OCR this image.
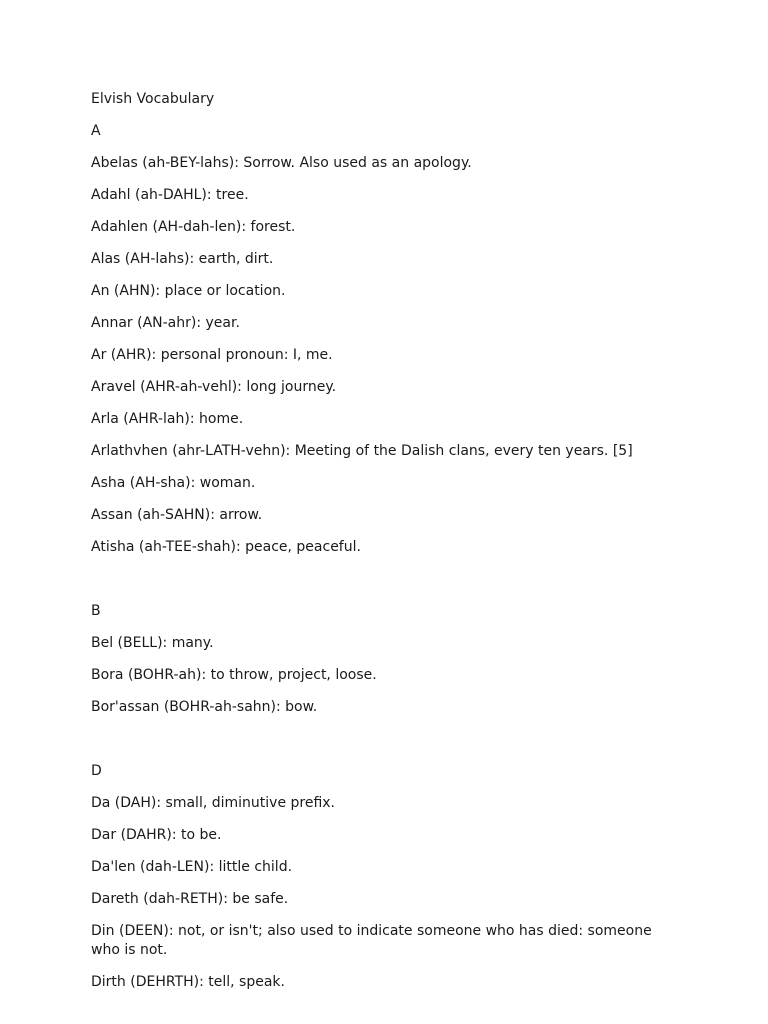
Elvish Vocabulary

A

Abelas (ah-BEY-lahs): Sorrow. Also used as an apology.

Adahl (ah-DAHL): tree.

Adahlen (AH-dah-len): forest.

Alas (AH-lahs): earth, dirt.

An (AHN): place or location.

Annar (AN-ahr): year.

Ar (AHR): personal pronoun: I, me.

Aravel (AHR-ah-vehl): long journey.

Arla (AHR-lah): home.

Arlathvhen (ahr-LATH-vehn): Meeting of the Dalish clans, every ten years. [5]

Asha (AH-sha): woman.

Assan (ah-SAHN): arrow.

Atisha (ah-TEE-shah): peace, peaceful.

B

Bel (BELL): many.

Bora (BOHR-ah): to throw, project, loose.

Bor'assan (BOHR-ah-sahn): bow.

D

Da (DAH): small, diminutive prefix.

Dar (DAHR): to be.

Da'len (dah-LEN): little child.

Dareth (dah-RETH): be safe.

Din (DEEN): not, or isn't; also used to indicate someone who has died: someone who is not.

Dirth (DEHRTH): tell, speak.
